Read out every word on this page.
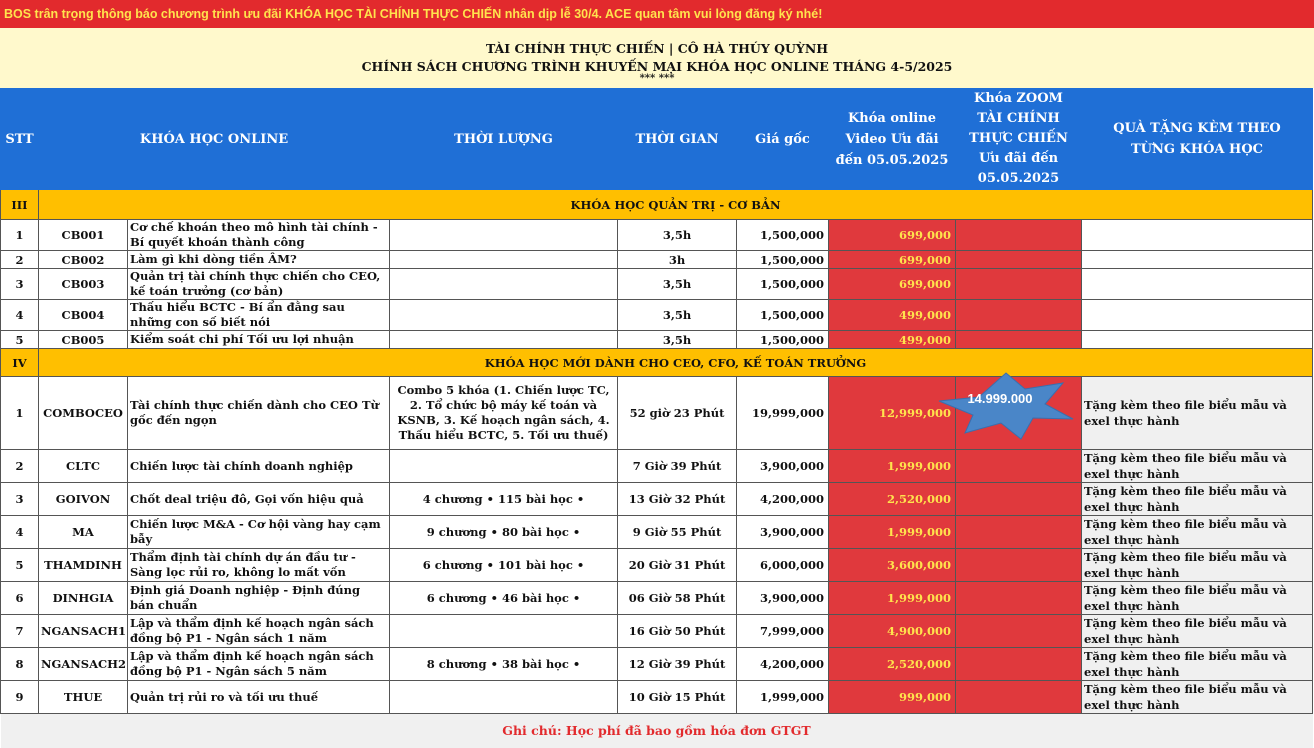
BOS trân trọng thông báo chương trình ưu đãi KHÓA HỌC TÀI CHÍNH THỰC CHIẾN nhân dịp lễ 30/4. ACE quan tâm vui lòng đăng ký nhé!
TÀI CHÍNH THỰC CHIẾN | CÔ HÀ THÚY QUỲNH
CHÍNH SÁCH CHƯƠNG TRÌNH KHUYẾN MẠI KHÓA HỌC ONLINE THÁNG 4-5/2025
*** ***
STT	KHÓA HỌC ONLINE		THỜI LƯỢNG	THỜI GIAN	Giá gốc	Khóa online Video Ưu đãi đến 05.05.2025	Khóa ZOOM TÀI CHÍNH THỰC CHIẾN Ưu đãi đến 05.05.2025	QUÀ TẶNG KÈM THEO TỪNG KHÓA HỌC
III	KHÓA HỌC QUẢN TRỊ - CƠ BẢN							
1	CB001	Cơ chế khoán theo mô hình tài chính - Bí quyết khoán thành công		3,5h	1,500,000	699,000		
2	CB002	Làm gì khi dòng tiền ÂM?		3h	1,500,000	699,000		
3	CB003	Quản trị tài chính thực chiến cho CEO, kế toán trưởng (cơ bản)		3,5h	1,500,000	699,000		
4	CB004	Thấu hiểu BCTC - Bí ẩn đằng sau những con số biết nói		3,5h	1,500,000	499,000		
5	CB005	Kiểm soát chi phí Tối ưu lợi nhuận		3,5h	1,500,000	499,000		
IV	KHÓA HỌC MỚI DÀNH CHO CEO, CFO, KẾ TOÁN TRƯỞNG							
1	COMBOCEO	Tài chính thực chiến dành cho CEO Từ gốc đến ngọn	Combo 5 khóa (1. Chiến lược TC, 2. Tổ chức bộ máy kế toán và KSNB, 3. Kế hoạch ngân sách, 4. Thấu hiểu BCTC, 5. Tối ưu thuế)	52 giờ 23 Phút	19,999,000	12,999,000		Tặng kèm theo file biểu mẫu và exel thực hành
2	CLTC	Chiến lược tài chính doanh nghiệp		7 Giờ 39 Phút	3,900,000	1,999,000		Tặng kèm theo file biểu mẫu và exel thực hành
3	GOIVON	Chốt deal triệu đô, Gọi vốn hiệu quả	4 chương • 115 bài học •	13 Giờ 32 Phút	4,200,000	2,520,000		Tặng kèm theo file biểu mẫu và exel thực hành
4	MA	Chiến lược M&A - Cơ hội vàng hay cạm bẫy	9 chương • 80 bài học •	9 Giờ 55 Phút	3,900,000	1,999,000		Tặng kèm theo file biểu mẫu và exel thực hành
5	THAMDINH	Thẩm định tài chính dự án đầu tư - Sàng lọc rủi ro, không lo mất vốn	6 chương • 101 bài học •	20 Giờ 31 Phút	6,000,000	3,600,000		Tặng kèm theo file biểu mẫu và exel thực hành
6	DINHGIA	Định giá Doanh nghiệp - Định đúng bán chuẩn	6 chương • 46 bài học •	06 Giờ 58 Phút	3,900,000	1,999,000		Tặng kèm theo file biểu mẫu và exel thực hành
7	NGANSACH1	Lập và thẩm định kế hoạch ngân sách đồng bộ P1 - Ngân sách 1 năm		16 Giờ 50 Phút	7,999,000	4,900,000		Tặng kèm theo file biểu mẫu và exel thực hành
8	NGANSACH2	Lập và thẩm định kế hoạch ngân sách đồng bộ P1 - Ngân sách 5 năm	8 chương • 38 bài học •	12 Giờ 39 Phút	4,200,000	2,520,000		Tặng kèm theo file biểu mẫu và exel thực hành
9	THUE	Quản trị rủi ro và tối ưu thuế		10 Giờ 15 Phút	1,999,000	999,000		Tặng kèm theo file biểu mẫu và exel thực hành
Ghi chú: Học phí đã bao gồm hóa đơn GTGT								
14.999.000
